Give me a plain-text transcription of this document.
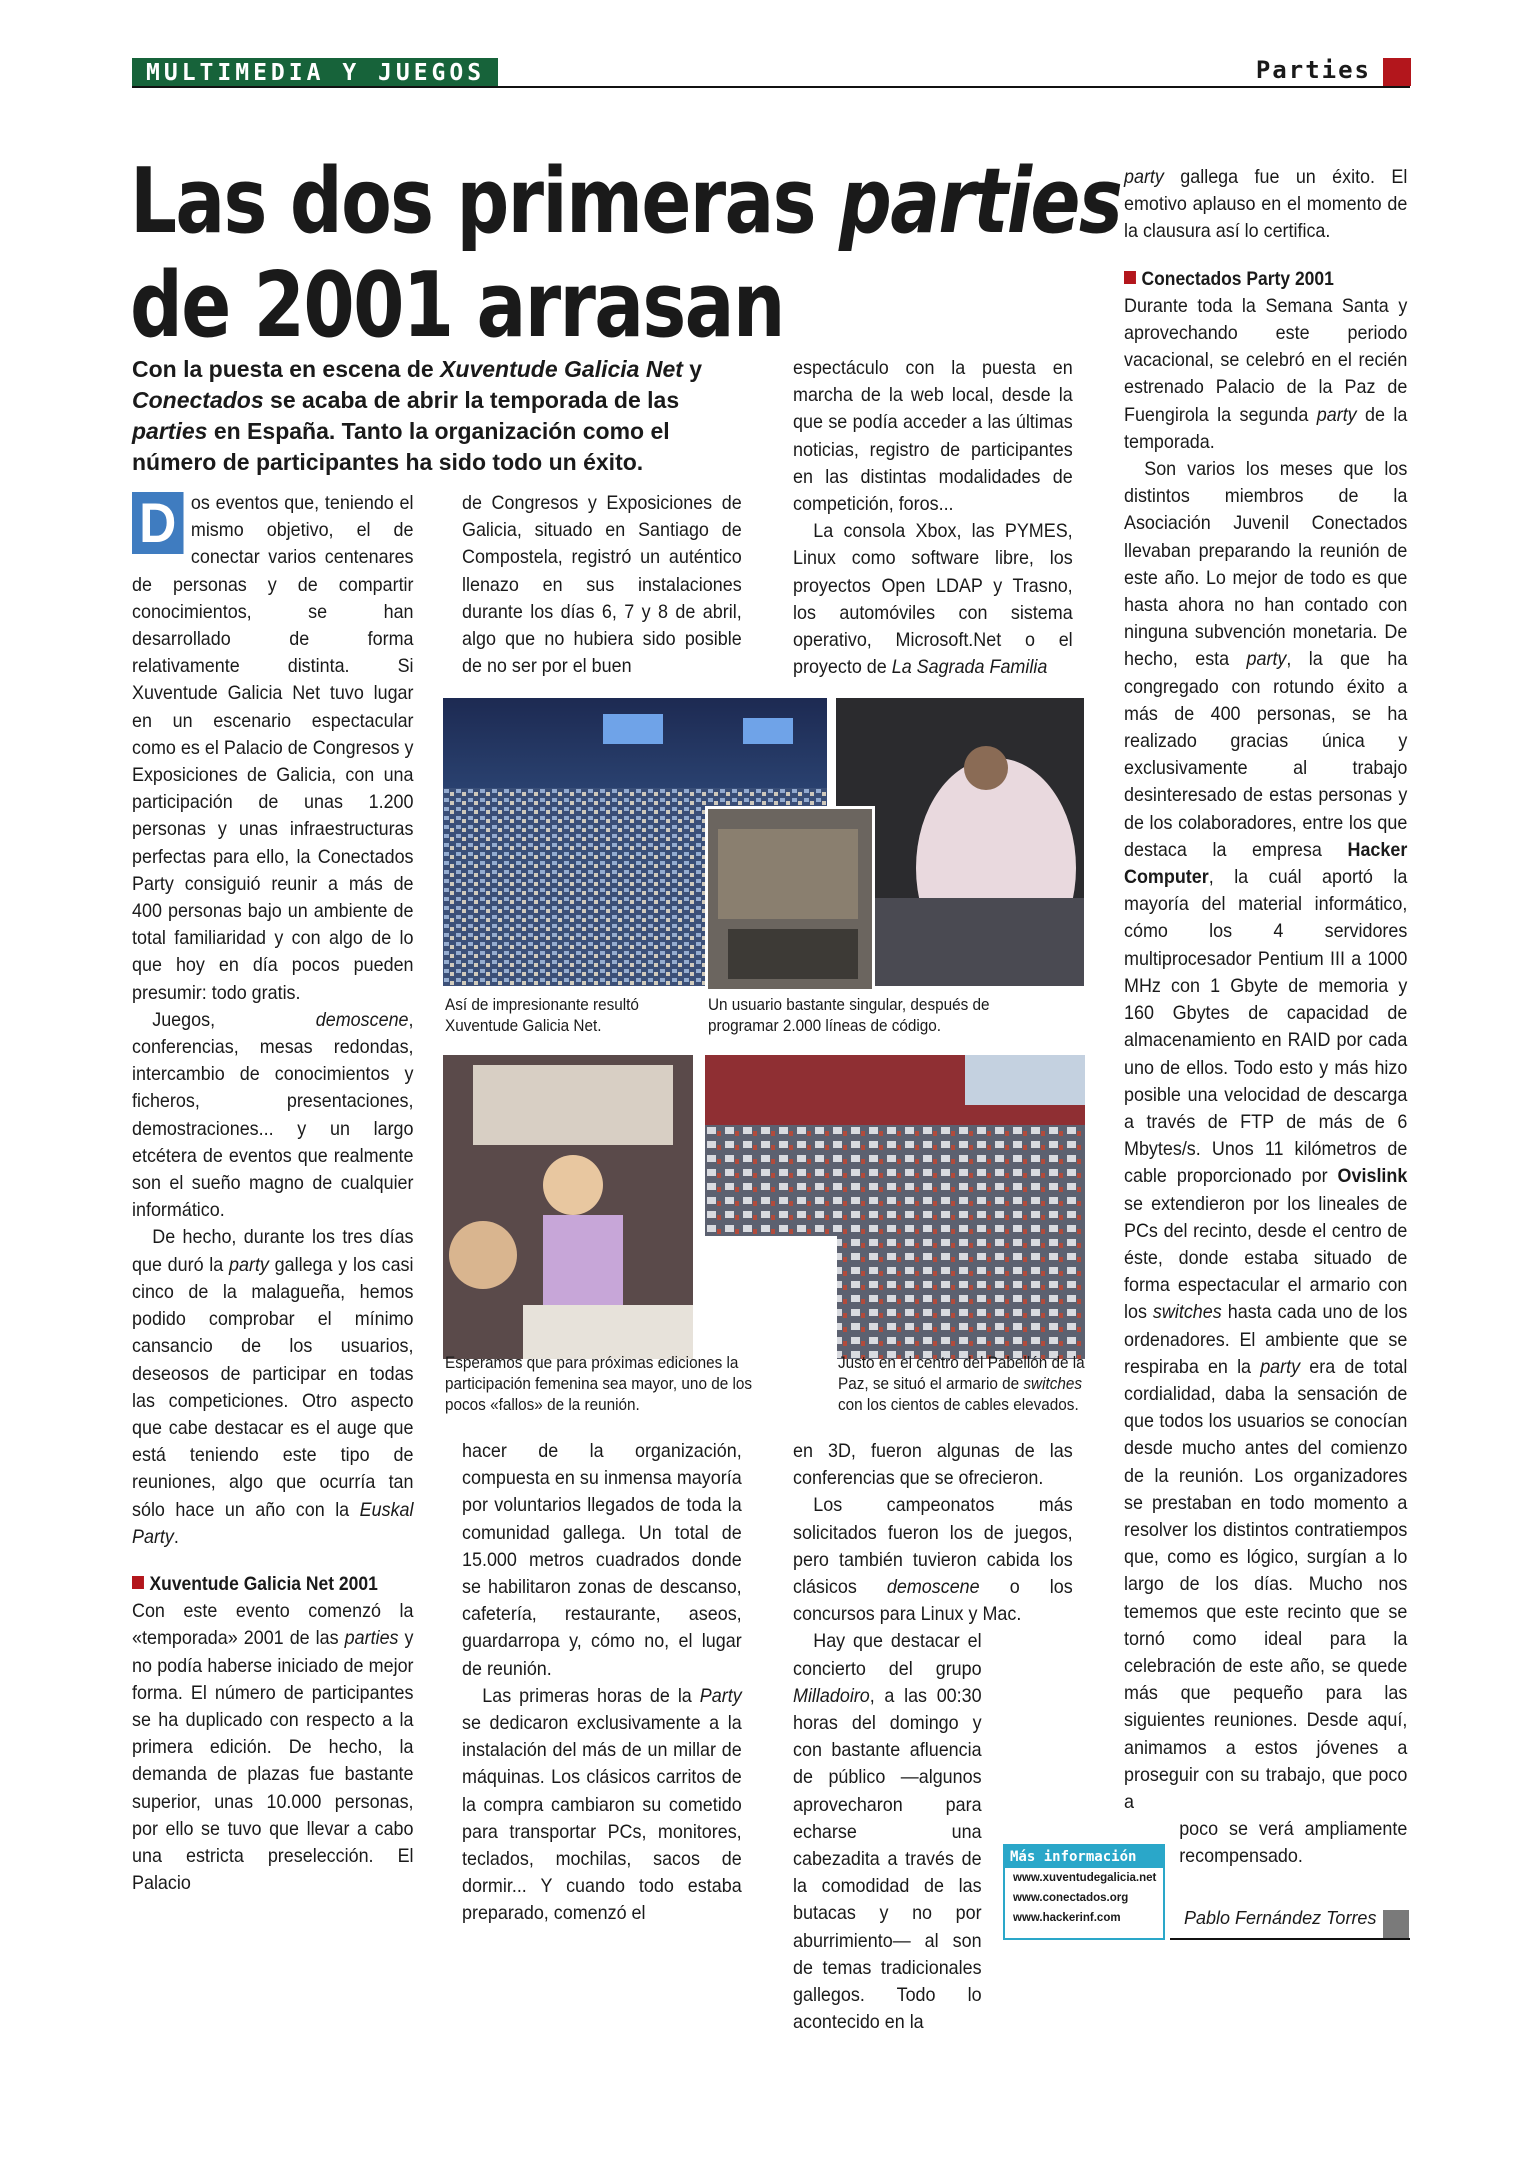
MULTIMEDIA Y JUEGOS	Parties
Las dos primeras parties
de 2001 arrasan
Con la puesta en escena de Xuventude Galicia Net y Conectados se acaba de abrir la temporada de las parties en España. Tanto la organización como el número de participantes ha sido todo un éxito.

D os eventos que, teniendo el mismo objetivo, el de conectar varios centenares de personas y de compartir conocimientos, se han desarrollado de forma relativamente distinta. Si Xuventude Galicia Net tuvo lugar en un escenario espectacular como es el Palacio de Congresos y Exposiciones de Galicia, con una participación de unas 1.200 personas y unas infraestructuras perfectas para ello, la Conectados Party consiguió reunir a más de 400 personas bajo un ambiente de total familiaridad y con algo de lo que hoy en día pocos pueden presumir: todo gratis.

Juegos, demoscene, conferencias, mesas redondas, intercambio de conocimientos y ficheros, presentaciones, demostraciones... y un largo etcétera de eventos que realmente son el sueño magno de cualquier informático.

De hecho, durante los tres días que duró la party gallega y los casi cinco de la malagueña, hemos podido comprobar el mínimo cansancio de los usuarios, deseosos de participar en todas las competiciones. Otro aspecto que cabe destacar es el auge que está teniendo este tipo de reuniones, algo que ocurría tan sólo hace un año con la Euskal Party.

Xuventude Galicia Net 2001

Con este evento comenzó la «temporada» 2001 de las parties y no podía haberse iniciado de mejor forma. El número de participantes se ha duplicado con respecto a la primera edición. De hecho, la demanda de plazas fue bastante superior, unas 10.000 personas, por ello se tuvo que llevar a cabo una estricta preselección. El Palacio

de Congresos y Exposiciones de Galicia, situado en Santiago de Compostela, registró un auténtico llenazo en sus instalaciones durante los días 6, 7 y 8 de abril, algo que no hubiera sido posible de no ser por el buen

espectáculo con la puesta en marcha de la web local, desde la que se podía acceder a las últimas noticias, registro de participantes en las distintas modalidades de competición, foros...

La consola Xbox, las PYMES, Linux como software libre, los proyectos Open LDAP y Trasno, los automóviles con sistema operativo, Microsoft.Net o el proyecto de La Sagrada Familia

Así de impresionante resultó Xuventude Galicia Net.
Un usuario bastante singular, después de programar 2.000 líneas de código.
Esperamos que para próximas ediciones la participación femenina sea mayor, uno de los pocos «fallos» de la reunión.
Justo en el centro del Pabellón de la Paz, se situó el armario de switches con los cientos de cables elevados.

hacer de la organización, compuesta en su inmensa mayoría por voluntarios llegados de toda la comunidad gallega. Un total de 15.000 metros cuadrados donde se habilitaron zonas de descanso, cafetería, restaurante, aseos, guardarropa y, cómo no, el lugar de reunión.

Las primeras horas de la Party se dedicaron exclusivamente a la instalación del más de un millar de máquinas. Los clásicos carritos de la compra cambiaron su cometido para transportar PCs, monitores, teclados, mochilas, sacos de dormir... Y cuando todo estaba preparado, comenzó el

en 3D, fueron algunas de las conferencias que se ofrecieron.

Los campeonatos más solicitados fueron los de juegos, pero también tuvieron cabida los clásicos demoscene o los concursos para Linux y Mac.

Hay que destacar el concierto del grupo Milladoiro, a las 00:30 horas del domingo y con bastante afluencia de público —algunos aprovecharon para echarse una cabezadita a través de la comodidad de las butacas y no por aburrimiento— al son de temas tradicionales gallegos. Todo lo acontecido en la

party gallega fue un éxito. El emotivo aplauso en el momento de la clausura así lo certifica.

Conectados Party 2001

Durante toda la Semana Santa y aprovechando este periodo vacacional, se celebró en el recién estrenado Palacio de la Paz de Fuengirola la segunda party de la temporada.

Son varios los meses que los distintos miembros de la Asociación Juvenil Conectados llevaban preparando la reunión de este año. Lo mejor de todo es que hasta ahora no han contado con ninguna subvención monetaria. De hecho, esta party, la que ha congregado con rotundo éxito a más de 400 personas, se ha realizado gracias única y exclusivamente al trabajo desinteresado de estas personas y de los colaboradores, entre los que destaca la empresa Hacker Computer, la cuál aportó la mayoría del material informático, cómo los 4 servidores multiprocesador Pentium III a 1000 MHz con 1 Gbyte de memoria y 160 Gbytes de capacidad de almacenamiento en RAID por cada uno de ellos. Todo esto y más hizo posible una velocidad de descarga a través de FTP de más de 6 Mbytes/s. Unos 11 kilómetros de cable proporcionado por Ovislink se extendieron por los lineales de PCs del recinto, desde el centro de éste, donde estaba situado de forma espectacular el armario con los switches hasta cada uno de los ordenadores. El ambiente que se respiraba en la party era de total cordialidad, daba la sensación de que todos los usuarios se conocían desde mucho antes del comienzo de la reunión. Los organizadores se prestaban en todo momento a resolver los distintos contratiempos que, como es lógico, surgían a lo largo de los días. Mucho nos tememos que este recinto que se tornó como ideal para la celebración de este año, se quede más que pequeño para las siguientes reuniones. Desde aquí, animamos a estos jóvenes a proseguir con su trabajo, que poco a

poco se verá ampliamente recompensado.

Más información
www.xuventudegalicia.net
www.conectados.org
www.hackerinf.com	Pablo Fernández Torres
